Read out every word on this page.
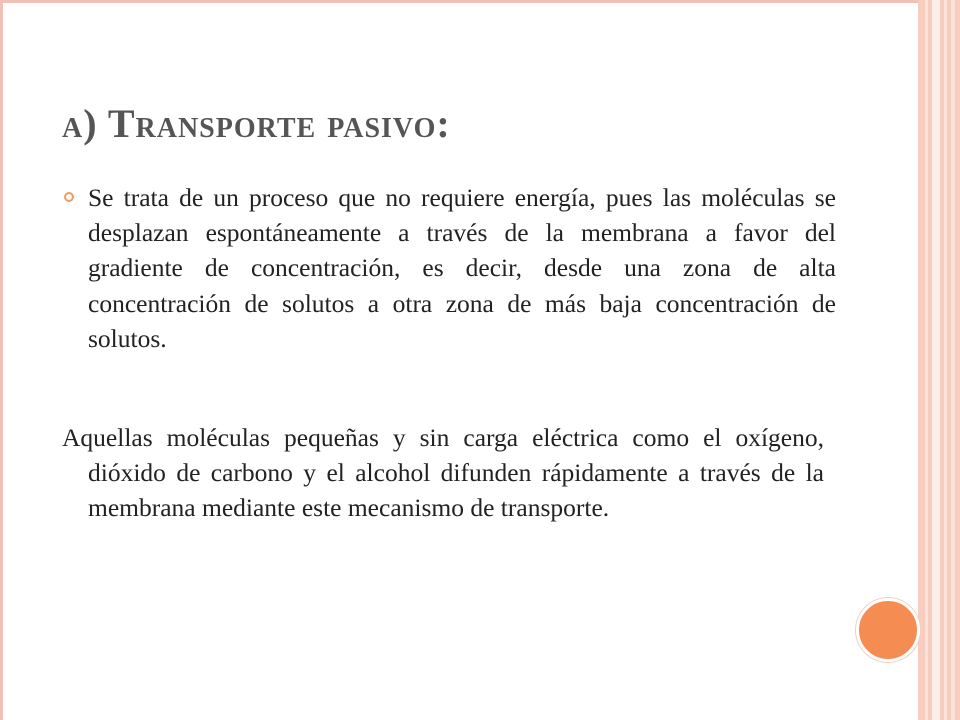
a) Transporte pasivo:
Se trata de un proceso que no requiere energía, pues las moléculas se desplazan espontáneamente a través de la membrana a favor del gradiente de concentración, es decir, desde una zona de alta concentración de solutos a otra zona de más baja concentración de solutos.
Aquellas moléculas pequeñas y sin carga eléctrica como el oxígeno, dióxido de carbono y el alcohol difunden rápidamente a través de la membrana mediante este mecanismo de transporte.
